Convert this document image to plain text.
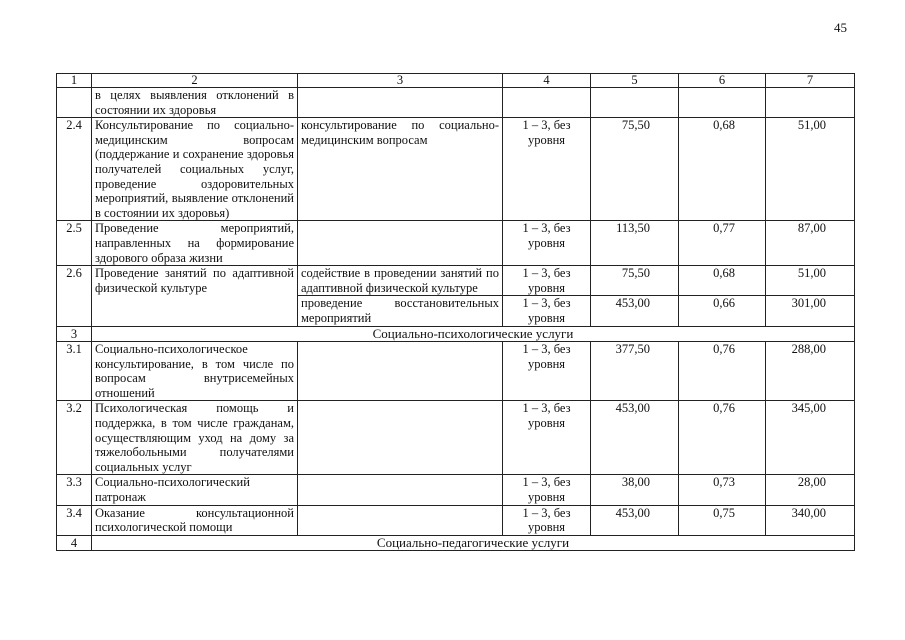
45
1	2	3	4	5	6	7
	в целях выявления отклонений в состоянии их здоровья					
2.4	Консультирование по социально-медицинским вопросам (поддержание и сохранение здоровья получателей социальных услуг, проведение оздоровительных мероприятий, выявление отклонений в состоянии их здоровья)	консультирование по социально-медицинским вопросам	1 – 3, без уровня	75,50	0,68	51,00
2.5	Проведение мероприятий, направленных на формирование здорового образа жизни		1 – 3, без уровня	113,50	0,77	87,00
2.6	Проведение занятий по адаптивной физической культуре	содействие в проведении занятий по адаптивной физической культуре	1 – 3, без уровня	75,50	0,68	51,00
		проведение восстановительных мероприятий	1 – 3, без уровня	453,00	0,66	301,00
3	Социально-психологические услуги					
3.1	Социально-психологическое консультирование, в том числе по вопросам внутрисемейных отношений		1 – 3, без уровня	377,50	0,76	288,00
3.2	Психологическая помощь и поддержка, в том числе гражданам, осуществляющим уход на дому за тяжелобольными получателями социальных услуг		1 – 3, без уровня	453,00	0,76	345,00
3.3	Социально-психологический патронаж		1 – 3, без уровня	38,00	0,73	28,00
3.4	Оказание консультационной психологической помощи		1 – 3, без уровня	453,00	0,75	340,00
4	Социально-педагогические услуги					
